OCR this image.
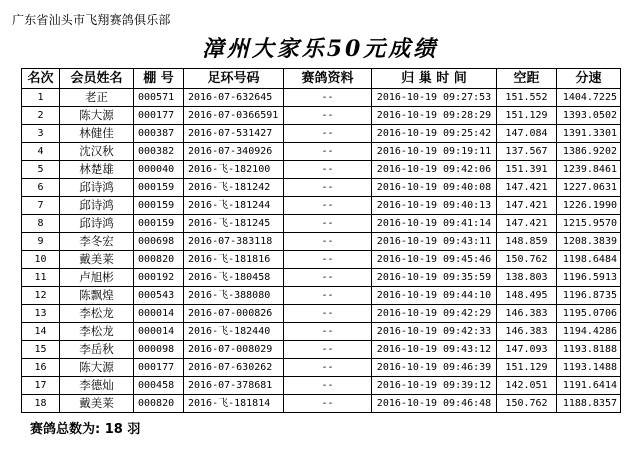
广东省汕头市飞翔赛鸽俱乐部
漳州大家乐50元成绩
名次	会员姓名	棚 号	足环号码	赛鸽资料	归 巢 时 间	空距	分速
1	老正	000571	2016-07-632645	--	2016-10-19 09:27:53	151.552	1404.7225
2	陈大源	000177	2016-07-0366591	--	2016-10-19 09:28:29	151.129	1393.0502
3	林健佳	000387	2016-07-531427	--	2016-10-19 09:25:42	147.084	1391.3301
4	沈汉秋	000382	2016-07-340926	--	2016-10-19 09:19:11	137.567	1386.9202
5	林楚雄	000040	2016-飞-182100	--	2016-10-19 09:42:06	151.391	1239.8461
6	邱诗鸿	000159	2016-飞-181242	--	2016-10-19 09:40:08	147.421	1227.0631
7	邱诗鸿	000159	2016-飞-181244	--	2016-10-19 09:40:13	147.421	1226.1990
8	邱诗鸿	000159	2016-飞-181245	--	2016-10-19 09:41:14	147.421	1215.9570
9	李冬宏	000698	2016-07-383118	--	2016-10-19 09:43:11	148.859	1208.3839
10	戴美莱	000820	2016-飞-181816	--	2016-10-19 09:45:46	150.762	1198.6484
11	卢旭彬	000192	2016-飞-180458	--	2016-10-19 09:35:59	138.803	1196.5913
12	陈飘煌	000543	2016-飞-388080	--	2016-10-19 09:44:10	148.495	1196.8735
13	李松龙	000014	2016-07-000826	--	2016-10-19 09:42:29	146.383	1195.0706
14	李松龙	000014	2016-飞-182440	--	2016-10-19 09:42:33	146.383	1194.4286
15	李岳秋	000098	2016-07-008029	--	2016-10-19 09:43:12	147.093	1193.8188
16	陈大源	000177	2016-07-630262	--	2016-10-19 09:46:39	151.129	1193.1488
17	李德灿	000458	2016-07-378681	--	2016-10-19 09:39:12	142.051	1191.6414
18	戴美莱	000820	2016-飞-181814	--	2016-10-19 09:46:48	150.762	1188.8357
赛鸽总数为: 18 羽
